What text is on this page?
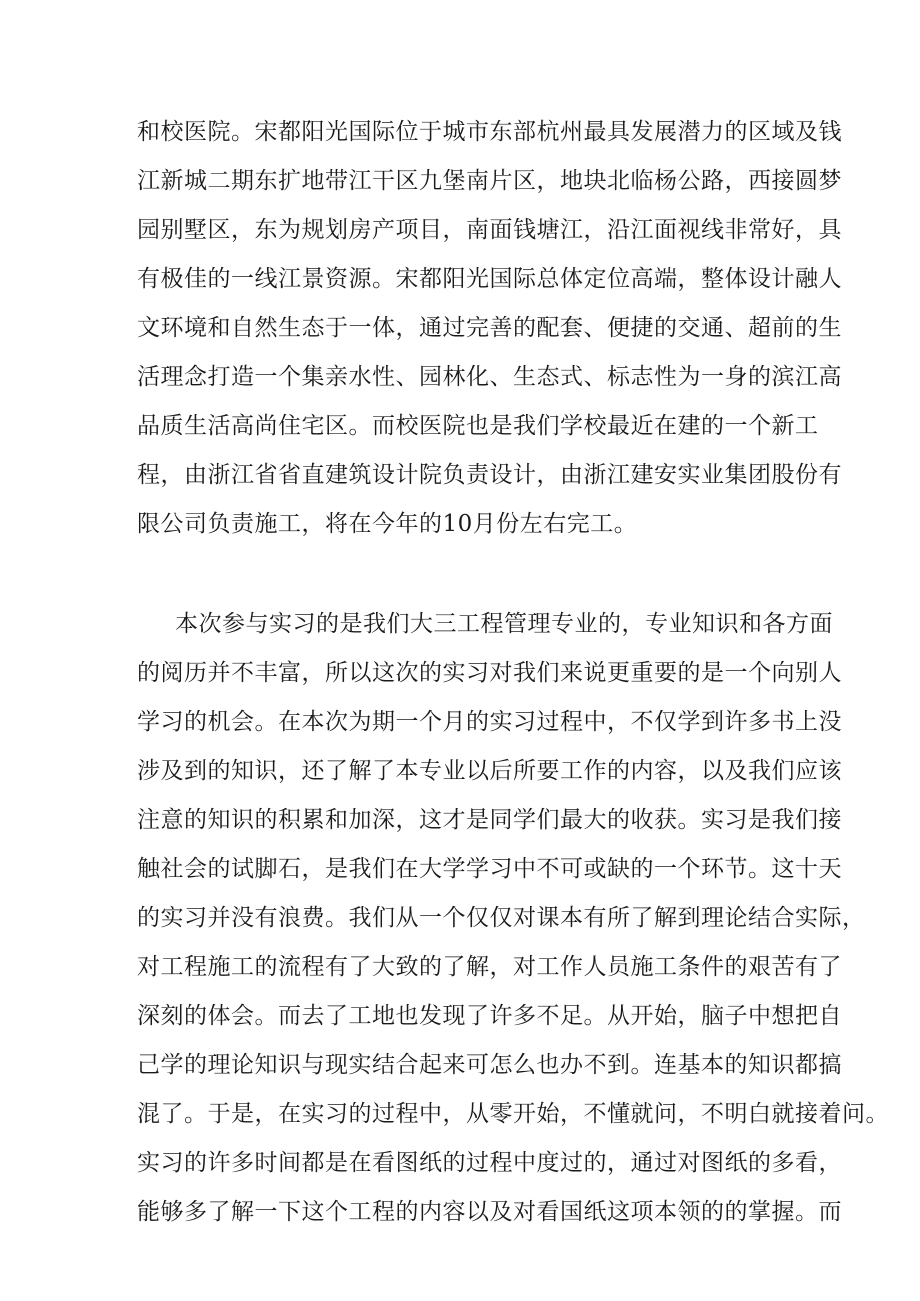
和校医院。宋都阳光国际位于城市东部杭州最具发展潜力的区域及钱
江新城二期东扩地带江干区九堡南片区，地块北临杨公路，西接圆梦
园别墅区，东为规划房产项目，南面钱塘江，沿江面视线非常好，具
有极佳的一线江景资源。宋都阳光国际总体定位高端，整体设计融人
文环境和自然生态于一体，通过完善的配套、便捷的交通、超前的生
活理念打造一个集亲水性、园林化、生态式、标志性为一身的滨江高
品质生活高尚住宅区。而校医院也是我们学校最近在建的一个新工
程，由浙江省省直建筑设计院负责设计，由浙江建安实业集团股份有
限公司负责施工，将在今年的10月份左右完工。
本次参与实习的是我们大三工程管理专业的，专业知识和各方面
的阅历并不丰富，所以这次的实习对我们来说更重要的是一个向别人
学习的机会。在本次为期一个月的实习过程中，不仅学到许多书上没
涉及到的知识，还了解了本专业以后所要工作的内容，以及我们应该
注意的知识的积累和加深，这才是同学们最大的收获。实习是我们接
触社会的试脚石，是我们在大学学习中不可或缺的一个环节。这十天
的实习并没有浪费。我们从一个仅仅对课本有所了解到理论结合实际，
对工程施工的流程有了大致的了解，对工作人员施工条件的艰苦有了
深刻的体会。而去了工地也发现了许多不足。从开始，脑子中想把自
己学的理论知识与现实结合起来可怎么也办不到。连基本的知识都搞
混了。于是，在实习的过程中，从零开始，不懂就问，不明白就接着问。
实习的许多时间都是在看图纸的过程中度过的，通过对图纸的多看，
能够多了解一下这个工程的内容以及对看国纸这项本领的的掌握。而
